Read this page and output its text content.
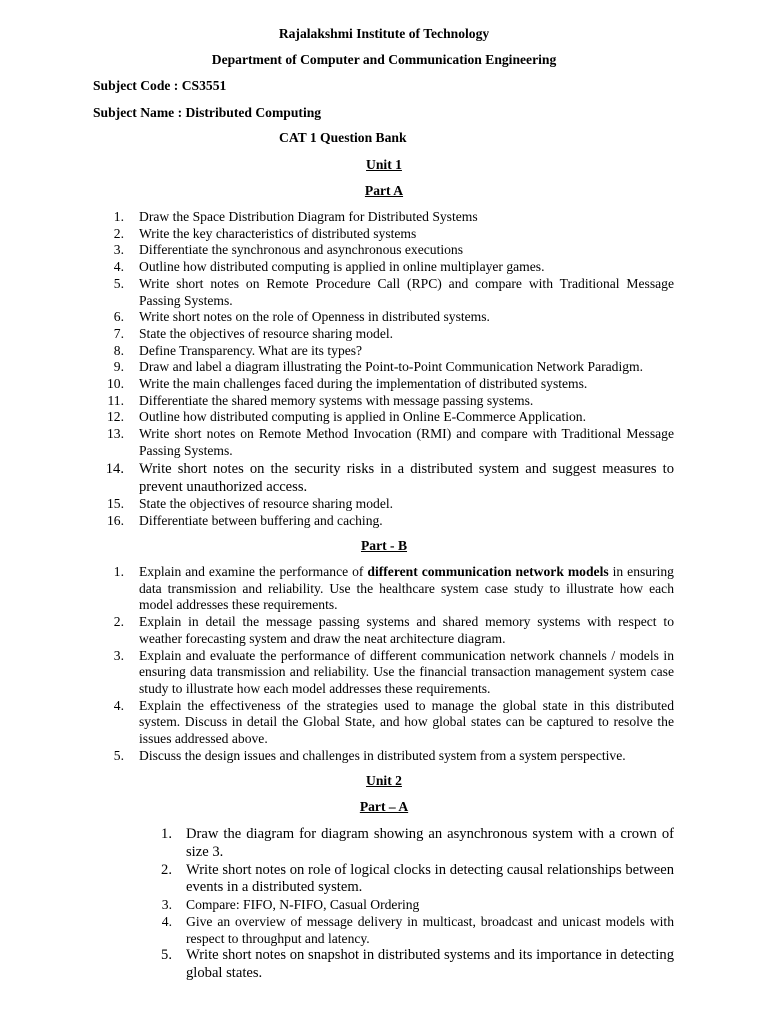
Rajalakshmi Institute of Technology
Department of Computer and Communication Engineering
Subject Code : CS3551
Subject Name : Distributed Computing
CAT 1 Question Bank
Unit 1
Part A
1. Draw the Space Distribution Diagram for Distributed Systems
2. Write the key characteristics of distributed systems
3. Differentiate the synchronous and asynchronous executions
4. Outline how distributed computing is applied in online multiplayer games.
5. Write short notes on Remote Procedure Call (RPC) and compare with Traditional Message Passing Systems.
6. Write short notes on the role of Openness in distributed systems.
7. State the objectives of resource sharing model.
8. Define Transparency. What are its types?
9. Draw and label a diagram illustrating the Point-to-Point Communication Network Paradigm.
10. Write the main challenges faced during the implementation of distributed systems.
11. Differentiate the shared memory systems with message passing systems.
12. Outline how distributed computing is applied in Online E-Commerce Application.
13. Write short notes on Remote Method Invocation (RMI) and compare with Traditional Message Passing Systems.
14. Write short notes on the security risks in a distributed system and suggest measures to prevent unauthorized access.
15. State the objectives of resource sharing model.
16. Differentiate between buffering and caching.
Part - B
1. Explain and examine the performance of different communication network models in ensuring data transmission and reliability. Use the healthcare system case study to illustrate how each model addresses these requirements.
2. Explain in detail the message passing systems and shared memory systems with respect to weather forecasting system and draw the neat architecture diagram.
3. Explain and evaluate the performance of different communication network channels / models in ensuring data transmission and reliability. Use the financial transaction management system case study to illustrate how each model addresses these requirements.
4. Explain the effectiveness of the strategies used to manage the global state in this distributed system. Discuss in detail the Global State, and how global states can be captured to resolve the issues addressed above.
5. Discuss the design issues and challenges in distributed system from a system perspective.
Unit 2
Part – A
1. Draw the diagram for diagram showing an asynchronous system with a crown of size 3.
2. Write short notes on role of logical clocks in detecting causal relationships between events in a distributed system.
3. Compare: FIFO, N-FIFO, Casual Ordering
4. Give an overview of message delivery in multicast, broadcast and unicast models with respect to throughput and latency.
5. Write short notes on snapshot in distributed systems and its importance in detecting global states.
